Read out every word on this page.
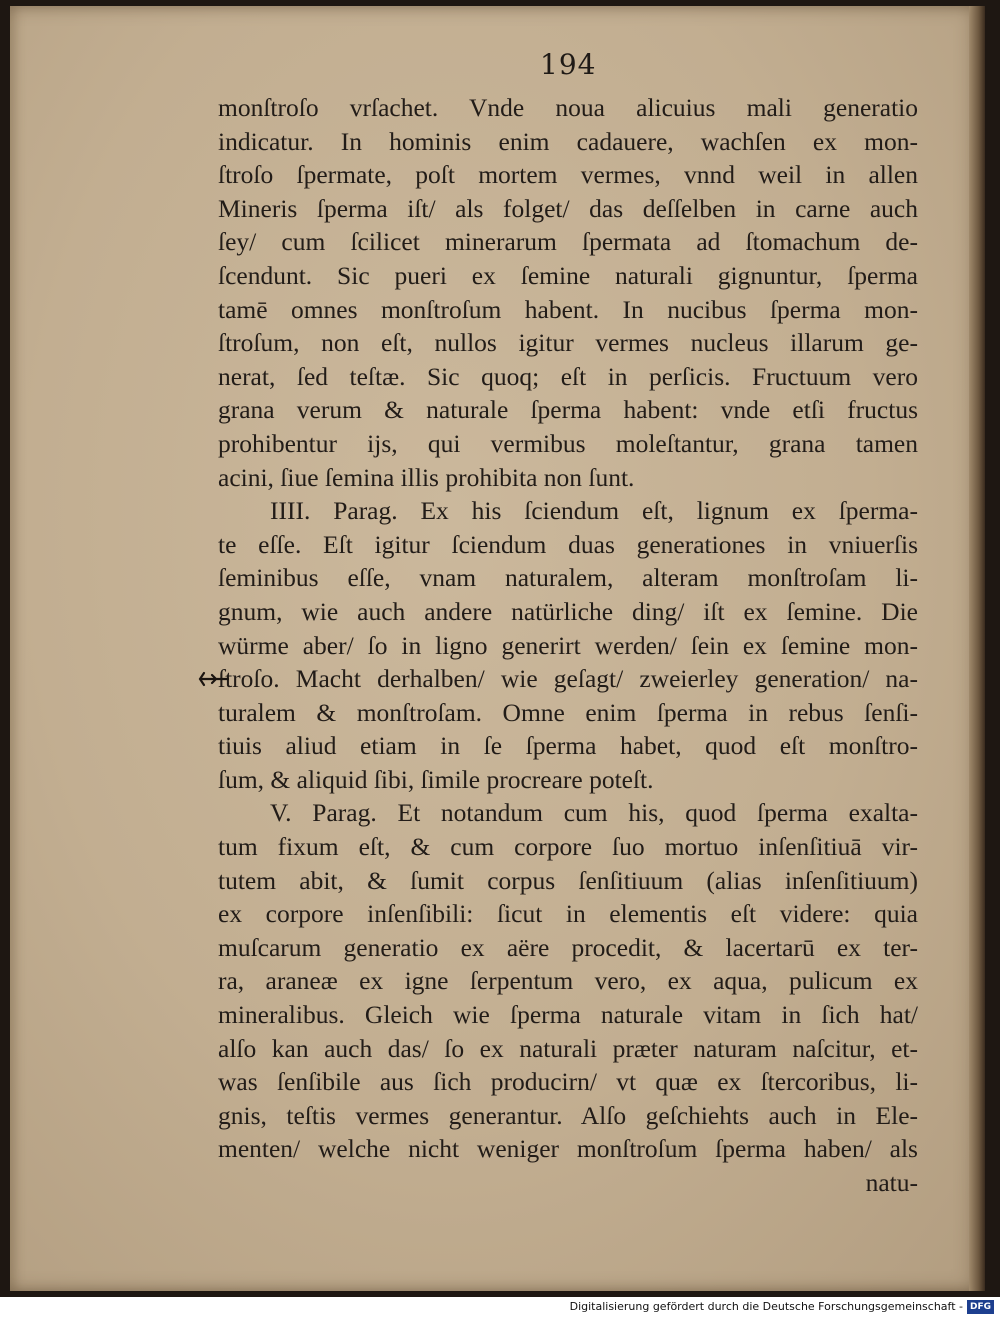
194

monſtroſo vrſachet. Vnde noua alicuius mali generatio
indicatur. In hominis enim cadauere, wachſen ex mon-
ſtroſo ſpermate, poſt mortem vermes, vnnd weil in allen
Mineris ſperma iſt/ als folget/ das deſſelben in carne auch
ſey/ cum ſcilicet minerarum ſpermata ad ſtomachum de-
ſcendunt. Sic pueri ex ſemine naturali gignuntur, ſperma
tamē omnes monſtroſum habent. In nucibus ſperma mon-
ſtroſum, non eſt, nullos igitur vermes nucleus illarum ge-
nerat, ſed teſtæ. Sic quoq; eſt in perſicis. Fructuum vero
grana verum & naturale ſperma habent: vnde etſi fructus
prohibentur ijs, qui vermibus moleſtantur, grana tamen
acini, ſiue ſemina illis prohibita non ſunt.
IIII. Parag. Ex his ſciendum eſt, lignum ex ſperma-
te eſſe. Eſt igitur ſciendum duas generationes in vniuerſis
ſeminibus eſſe, vnam naturalem, alteram monſtroſam li-
gnum, wie auch andere natürliche ding/ iſt ex ſemine. Die
würme aber/ ſo in ligno generirt werden/ ſein ex ſemine mon-
ſtroſo. Macht derhalben/ wie geſagt/ zweierley generation/ na-
turalem & monſtroſam. Omne enim ſperma in rebus ſenſi-
tiuis aliud etiam in ſe ſperma habet, quod eſt monſtro-
ſum, & aliquid ſibi, ſimile procreare poteſt.
V. Parag. Et notandum cum his, quod ſperma exalta-
tum fixum eſt, & cum corpore ſuo mortuo inſenſitiuā vir-
tutem abit, & ſumit corpus ſenſitiuum (alias inſenſitiuum)
ex corpore inſenſibili: ſicut in elementis eſt videre: quia
muſcarum generatio ex aëre procedit, & lacertarū ex ter-
ra, araneæ ex igne ſerpentum vero, ex aqua, pulicum ex
mineralibus. Gleich wie ſperma naturale vitam in ſich hat/
alſo kan auch das/ ſo ex naturali præter naturam naſcitur, et-
was ſenſibile aus ſich producirn/ vt quæ ex ſtercoribus, li-
gnis, teſtis vermes generantur. Alſo geſchiehts auch in Ele-
menten/ welche nicht weniger monſtroſum ſperma haben/ als
natu-

Digitalisierung gefördert durch die Deutsche Forschungsgemeinschaft - DFG
